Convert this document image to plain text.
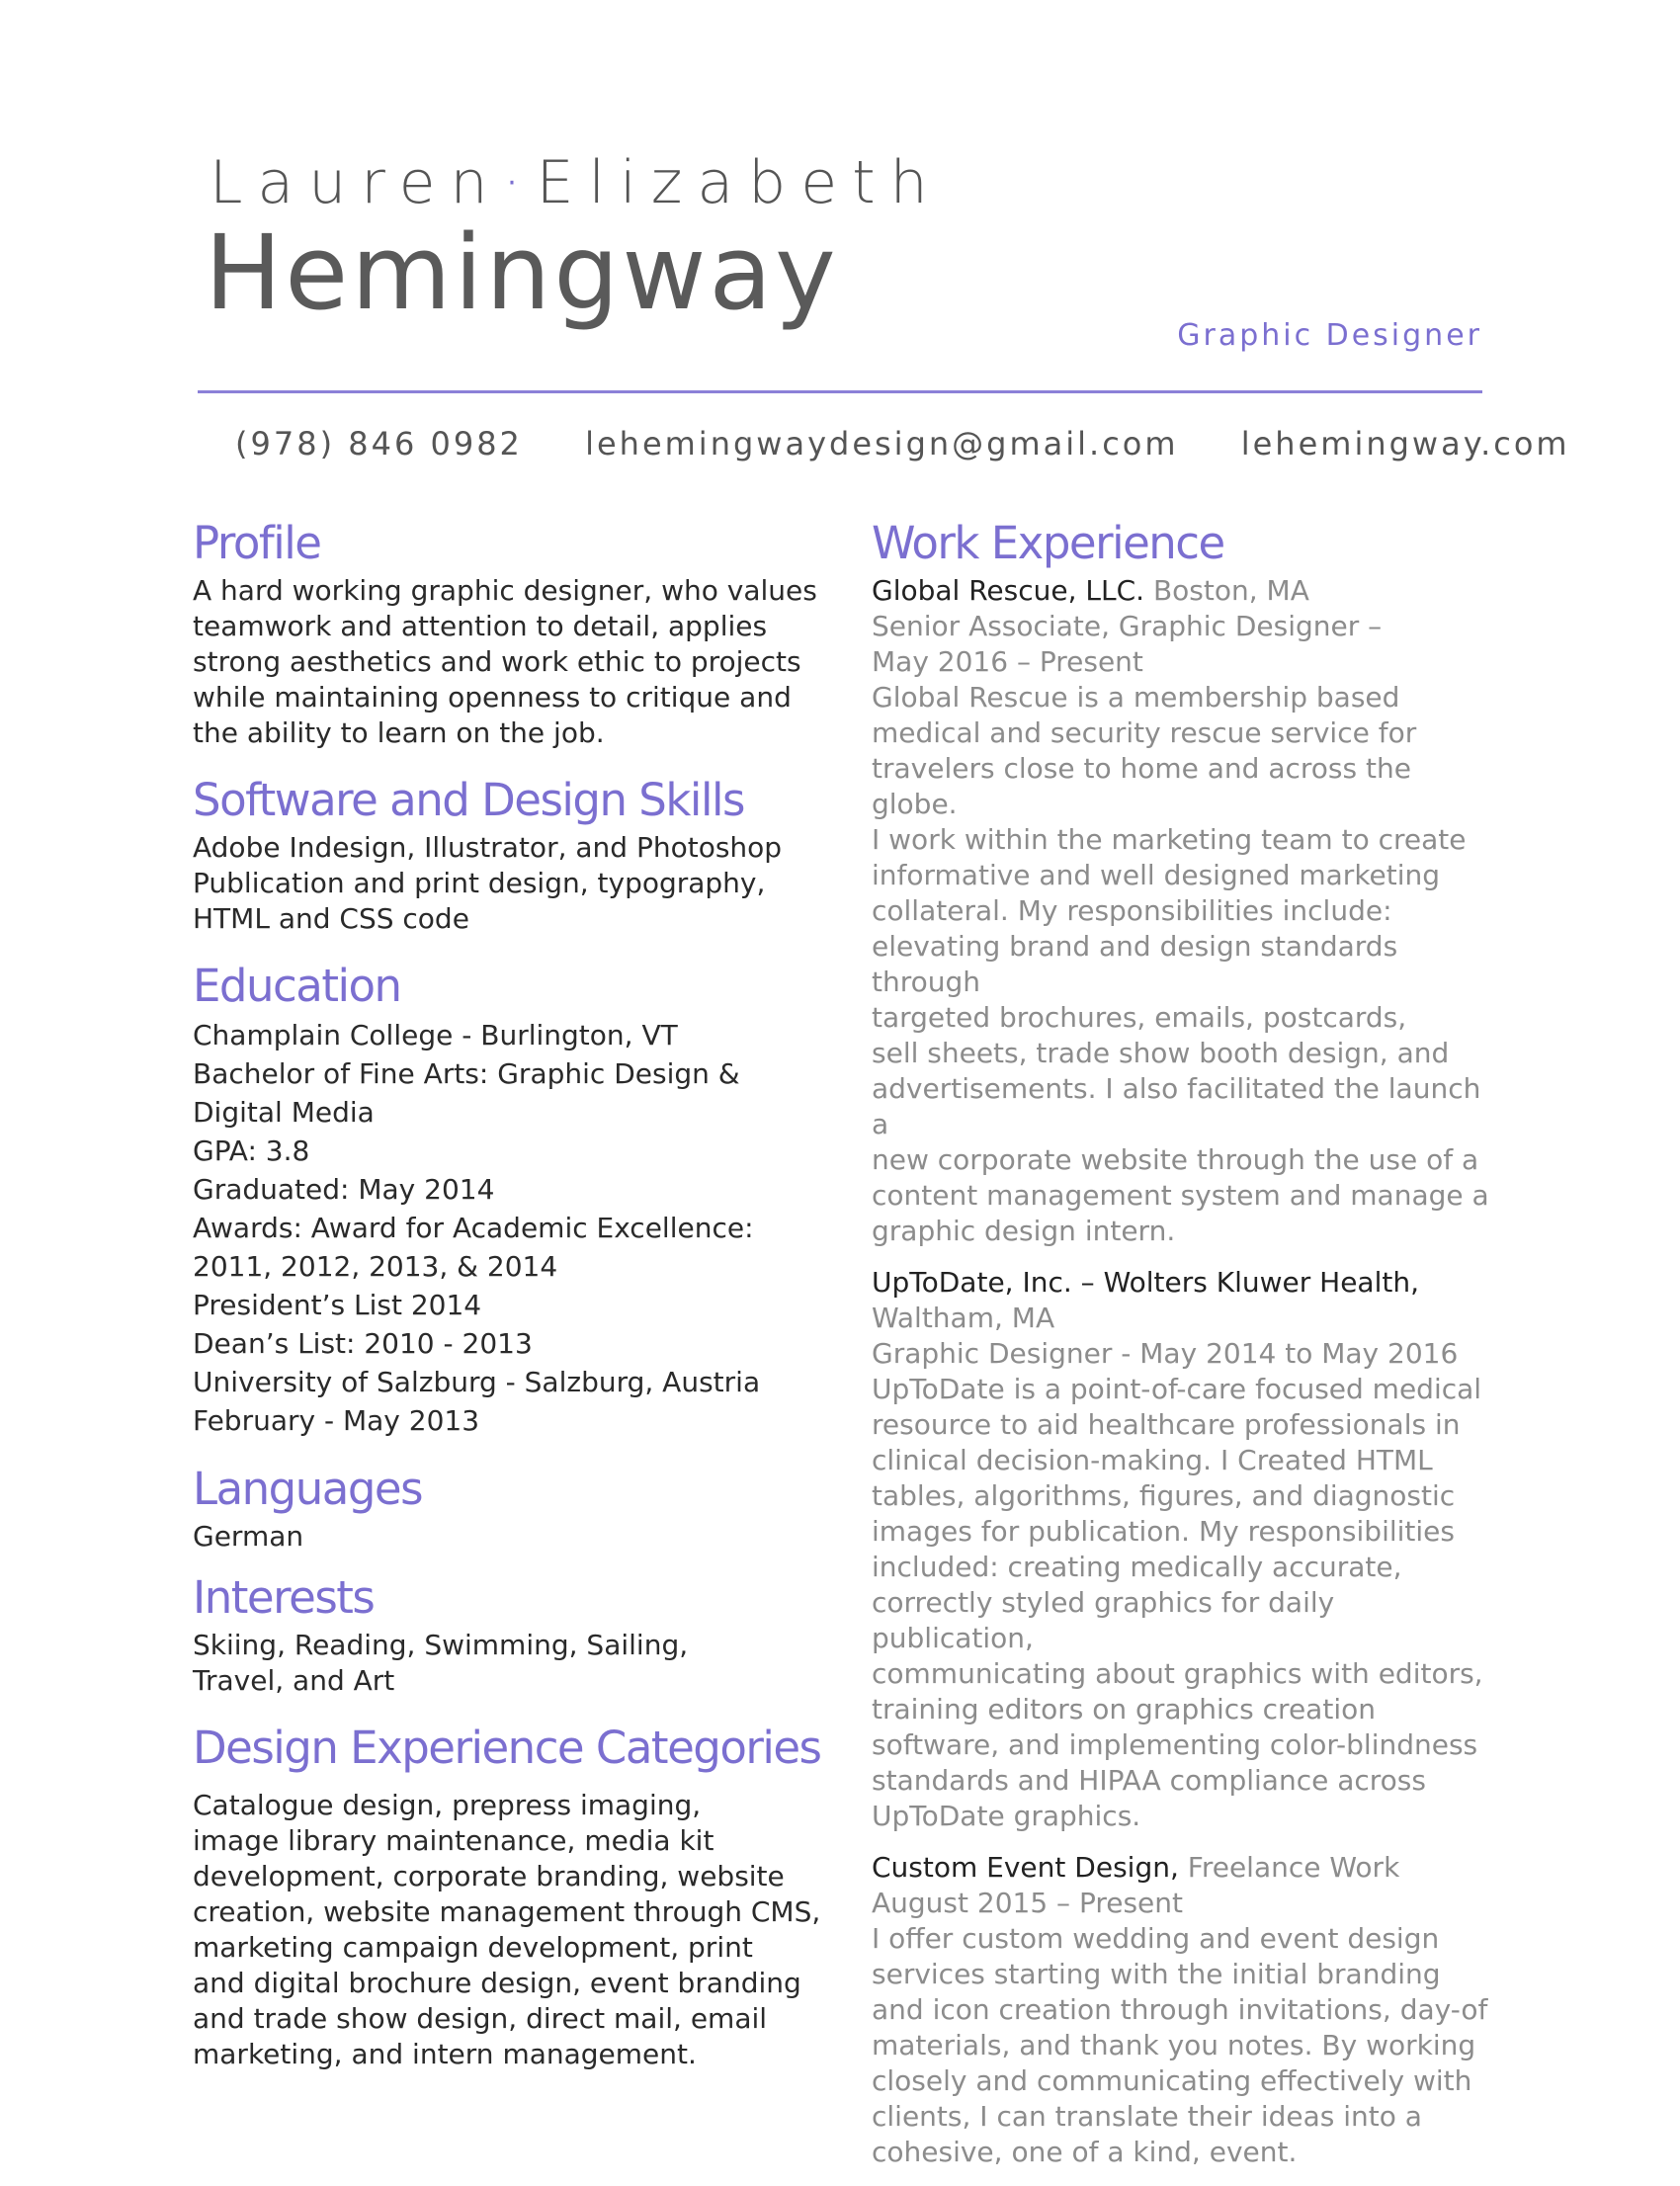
Lauren·Elizabeth
Hemingway
Graphic Designer
(978) 846 0982 lehemingwaydesign@gmail.com lehemingway.com
Profile

A hard working graphic designer, who values
teamwork and attention to detail, applies
strong aesthetics and work ethic to projects
while maintaining openness to critique and
the ability to learn on the job.

Software and Design Skills

Adobe Indesign, Illustrator, and Photoshop
Publication and print design, typography,
HTML and CSS code

Education

Champlain College - Burlington, VT
Bachelor of Fine Arts: Graphic Design &
Digital Media
GPA: 3.8
Graduated: May 2014
Awards: Award for Academic Excellence:
2011, 2012, 2013, & 2014
President’s List 2014
Dean’s List: 2010 - 2013
University of Salzburg - Salzburg, Austria
February - May 2013

Languages

German

Interests

Skiing, Reading, Swimming, Sailing,
Travel, and Art

Design Experience Categories

Catalogue design, prepress imaging,
image library maintenance, media kit
development, corporate branding, website
creation, website management through CMS,
marketing campaign development, print
and digital brochure design, event branding
and trade show design, direct mail, email
marketing, and intern management.

Work Experience

Global Rescue, LLC. Boston, MA

Senior Associate, Graphic Designer –
May 2016 – Present
Global Rescue is a membership based
medical and security rescue service for
travelers close to home and across the globe.
I work within the marketing team to create
informative and well designed marketing
collateral. My responsibilities include:
elevating brand and design standards through
targeted brochures, emails, postcards,
sell sheets, trade show booth design, and
advertisements. I also facilitated the launch a
new corporate website through the use of a
content management system and manage a
graphic design intern.

UpToDate, Inc. – Wolters Kluwer Health,

Waltham, MA
Graphic Designer - May 2014 to May 2016
UpToDate is a point-of-care focused medical
resource to aid healthcare professionals in
clinical decision-making. I Created HTML
tables, algorithms, figures, and diagnostic
images for publication. My responsibilities
included: creating medically accurate,
correctly styled graphics for daily publication,
communicating about graphics with editors,
training editors on graphics creation
software, and implementing color-blindness
standards and HIPAA compliance across
UpToDate graphics.

Custom Event Design, Freelance Work

August 2015 – Present
I offer custom wedding and event design
services starting with the initial branding
and icon creation through invitations, day-of
materials, and thank you notes. By working
closely and communicating effectively with
clients, I can translate their ideas into a
cohesive, one of a kind, event.
